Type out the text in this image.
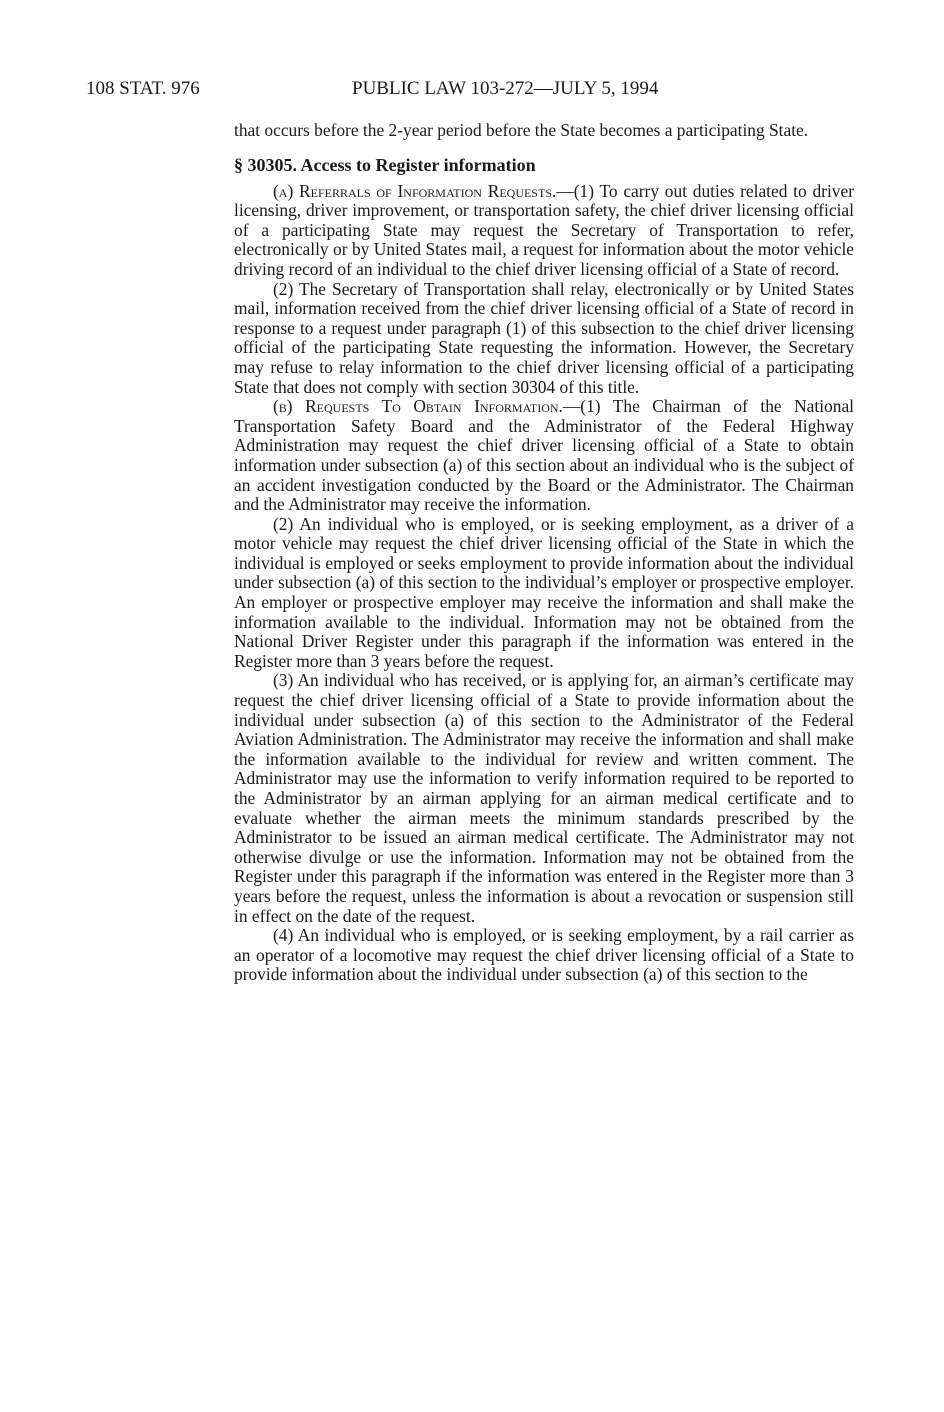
108 STAT. 976	PUBLIC LAW 103-272—JULY 5, 1994

that occurs before the 2-year period before the State becomes a participating State.

§ 30305. Access to Register information

(a) Referrals of Information Requests.—(1) To carry out duties related to driver licensing, driver improvement, or transportation safety, the chief driver licensing official of a participating State may request the Secretary of Transportation to refer, electronically or by United States mail, a request for information about the motor vehicle driving record of an individual to the chief driver licensing official of a State of record.

(2) The Secretary of Transportation shall relay, electronically or by United States mail, information received from the chief driver licensing official of a State of record in response to a request under paragraph (1) of this subsection to the chief driver licensing official of the participating State requesting the information. However, the Secretary may refuse to relay information to the chief driver licensing official of a participating State that does not comply with section 30304 of this title.

(b) Requests To Obtain Information.—(1) The Chairman of the National Transportation Safety Board and the Administrator of the Federal Highway Administration may request the chief driver licensing official of a State to obtain information under subsection (a) of this section about an individual who is the subject of an accident investigation conducted by the Board or the Administrator. The Chairman and the Administrator may receive the information.

(2) An individual who is employed, or is seeking employment, as a driver of a motor vehicle may request the chief driver licensing official of the State in which the individual is employed or seeks employment to provide information about the individual under subsection (a) of this section to the individual’s employer or prospective employer. An employer or prospective employer may receive the information and shall make the information available to the individual. Information may not be obtained from the National Driver Register under this paragraph if the information was entered in the Register more than 3 years before the request.

(3) An individual who has received, or is applying for, an airman’s certificate may request the chief driver licensing official of a State to provide information about the individual under subsection (a) of this section to the Administrator of the Federal Aviation Administration. The Administrator may receive the information and shall make the information available to the individual for review and written comment. The Administrator may use the information to verify information required to be reported to the Administrator by an airman applying for an airman medical certificate and to evaluate whether the airman meets the minimum standards prescribed by the Administrator to be issued an airman medical certificate. The Administrator may not otherwise divulge or use the information. Information may not be obtained from the Register under this paragraph if the information was entered in the Register more than 3 years before the request, unless the information is about a revocation or suspension still in effect on the date of the request.

(4) An individual who is employed, or is seeking employment, by a rail carrier as an operator of a locomotive may request the chief driver licensing official of a State to provide information about the individual under subsection (a) of this section to the
